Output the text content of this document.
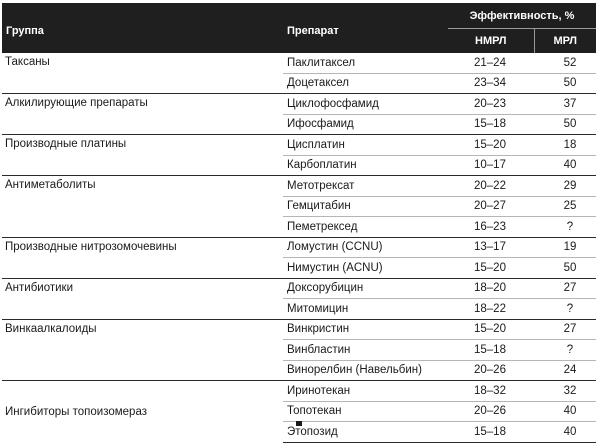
Группа	Препарат	Эффективность, %	
		НМРЛ	МРЛ
Таксаны	Паклитаксел	21–24	52
	Доцетаксел	23–34	50
Алкилирующие препараты	Циклофосфамид	20–23	37
	Ифосфамид	15–18	50
Производные платины	Цисплатин	15–20	18
	Карбоплатин	10–17	40
Антиметаболиты	Метотрексат	20–22	29
	Гемцитабин	20–27	25
	Пеметрексед	16–23	?
Производные нитрозомочевины	Ломустин (CCNU)	13–17	19
	Нимустин (ACNU)	15–20	50
Антибиотики	Доксорубицин	18–20	27
	Митомицин	18–22	?
Винкаалкалоиды	Винкристин	15–20	27
	Винбластин	15–18	?
	Винорелбин (Навельбин)	20–26	24
Ингибиторы топоизомераз	Иринотекан	18–32	32
	Топотекан	20–26	40
	Этопозид	15–18	40
